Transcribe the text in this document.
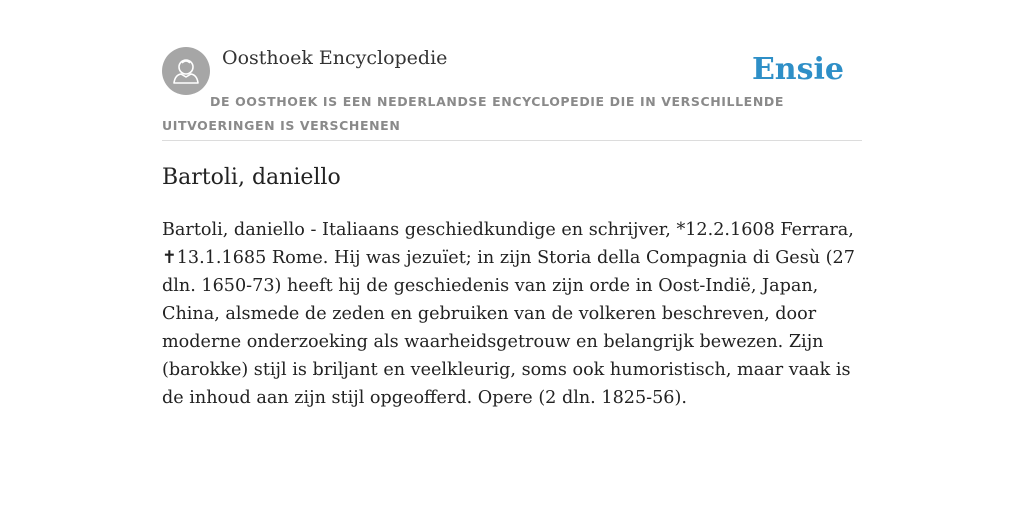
Oosthoek Encyclopedie	Ensie
DE OOSTHOEK IS EEN NEDERLANDSE ENCYCLOPEDIE DIE IN VERSCHILLENDE UITVOERINGEN IS VERSCHENEN
Bartoli, daniello

Bartoli, daniello - Italiaans geschiedkundige en schrijver, *12.2.1608 Ferrara, ✝13.1.1685 Rome. Hij was jezuïet; in zijn Storia della Compagnia di Gesù (27 dln. 1650-73) heeft hij de geschiedenis van zijn orde in Oost-Indië, Japan, China, alsmede de zeden en gebruiken van de volkeren beschreven, door moderne onderzoeking als waarheidsgetrouw en belangrijk bewezen. Zijn (barokke) stijl is briljant en veelkleurig, soms ook humoristisch, maar vaak is de inhoud aan zijn stijl opgeofferd. Opere (2 dln. 1825-56).
